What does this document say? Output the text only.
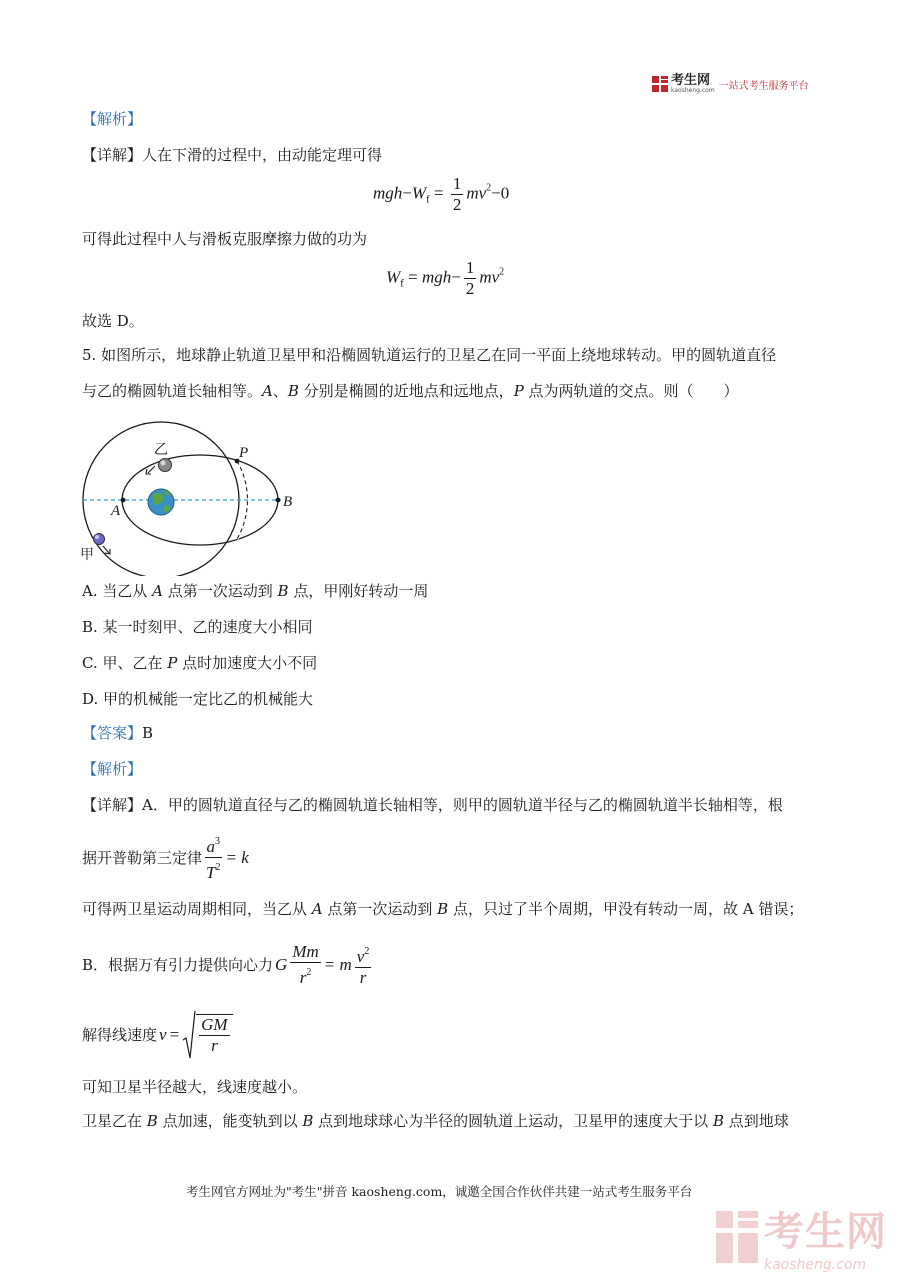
考生网
kaosheng.com 一站式考生服务平台
【解析】
【详解】人在下滑的过程中，由动能定理可得
$mgh-W_f = \frac{1}{2} mv^2-0$
可得此过程中人与滑板克服摩擦力做的功为
$W_f = mgh- \frac{1}{2} mv^2$
故选 D。
5. 如图所示，地球静止轨道卫星甲和沿椭圆轨道运行的卫星乙在同一平面上绕地球转动。甲的圆轨道直径
与乙的椭圆轨道长轴相等。A、B 分别是椭圆的近地点和远地点，P 点为两轨道的交点。则（　　）
乙
甲
P
A
B
A. 当乙从 A 点第一次运动到 B 点，甲刚好转动一周
B. 某一时刻甲、乙的速度大小相同
C. 甲、乙在 P 点时加速度大小不同
D. 甲的机械能一定比乙的机械能大
【答案】B
【解析】
【详解】A．甲的圆轨道直径与乙的椭圆轨道长轴相等，则甲的圆轨道半径与乙的椭圆轨道半长轴相等，根
据开普勒第三定律 $\frac{a^3}{T^2} = k$
可得两卫星运动周期相同，当乙从 A 点第一次运动到 B 点，只过了半个周期，甲没有转动一周，故 A 错误；
B．根据万有引力提供向心力 G $\frac{Mm}{r^2} = m \frac{v^2}{r}$
解得线速度 $v = \frac{GM}{r}$
可知卫星半径越大，线速度越小。
卫星乙在 B 点加速，能变轨到以 B 点到地球球心为半径的圆轨道上运动，卫星甲的速度大于以 B 点到地球
考生网官方网址为"考生"拼音 kaosheng.com，诚邀全国合作伙伴共建一站式考生服务平台
考生网
kaosheng.com
